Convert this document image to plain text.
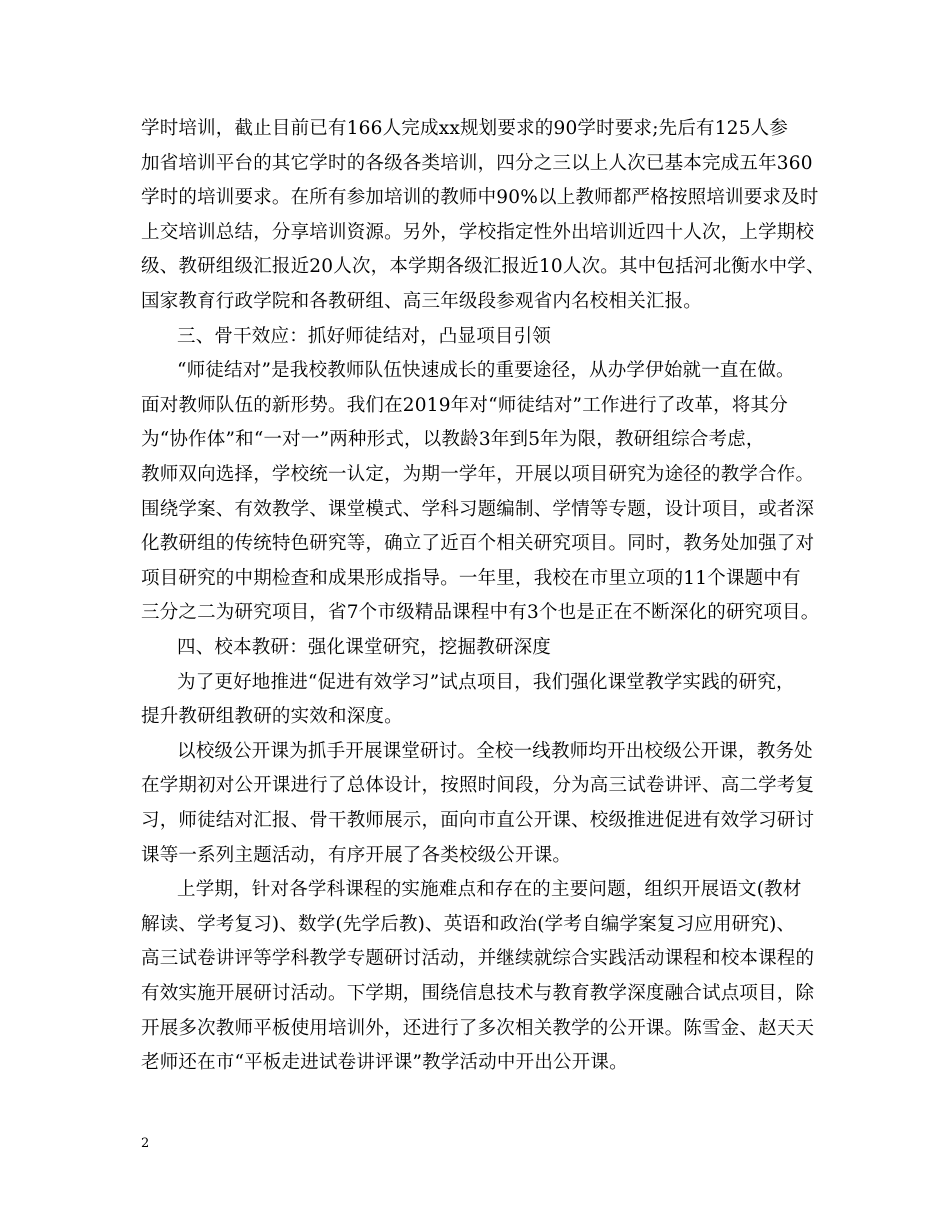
学时培训，截止目前已有166人完成xx规划要求的90学时要求;先后有125人参
加省培训平台的其它学时的各级各类培训，四分之三以上人次已基本完成五年360
学时的培训要求。在所有参加培训的教师中90%以上教师都严格按照培训要求及时
上交培训总结，分享培训资源。另外，学校指定性外出培训近四十人次，上学期校
级、教研组级汇报近20人次，本学期各级汇报近10人次。其中包括河北衡水中学、
国家教育行政学院和各教研组、高三年级段参观省内名校相关汇报。
三、骨干效应：抓好师徒结对，凸显项目引领
“师徒结对”是我校教师队伍快速成长的重要途径，从办学伊始就一直在做。
面对教师队伍的新形势。我们在2019年对“师徒结对”工作进行了改革，将其分
为“协作体”和“一对一”两种形式，以教龄3年到5年为限，教研组综合考虑，
教师双向选择，学校统一认定，为期一学年，开展以项目研究为途径的教学合作。
围绕学案、有效教学、课堂模式、学科习题编制、学情等专题，设计项目，或者深
化教研组的传统特色研究等，确立了近百个相关研究项目。同时，教务处加强了对
项目研究的中期检查和成果形成指导。一年里，我校在市里立项的11个课题中有
三分之二为研究项目，省7个市级精品课程中有3个也是正在不断深化的研究项目。
四、校本教研：强化课堂研究，挖掘教研深度
为了更好地推进“促进有效学习”试点项目，我们强化课堂教学实践的研究，
提升教研组教研的实效和深度。
以校级公开课为抓手开展课堂研讨。全校一线教师均开出校级公开课，教务处
在学期初对公开课进行了总体设计，按照时间段，分为高三试卷讲评、高二学考复
习，师徒结对汇报、骨干教师展示，面向市直公开课、校级推进促进有效学习研讨
课等一系列主题活动，有序开展了各类校级公开课。
上学期，针对各学科课程的实施难点和存在的主要问题，组织开展语文(教材
解读、学考复习)、数学(先学后教)、英语和政治(学考自编学案复习应用研究)、
高三试卷讲评等学科教学专题研讨活动，并继续就综合实践活动课程和校本课程的
有效实施开展研讨活动。下学期，围绕信息技术与教育教学深度融合试点项目，除
开展多次教师平板使用培训外，还进行了多次相关教学的公开课。陈雪金、赵天天
老师还在市“平板走进试卷讲评课”教学活动中开出公开课。
2
